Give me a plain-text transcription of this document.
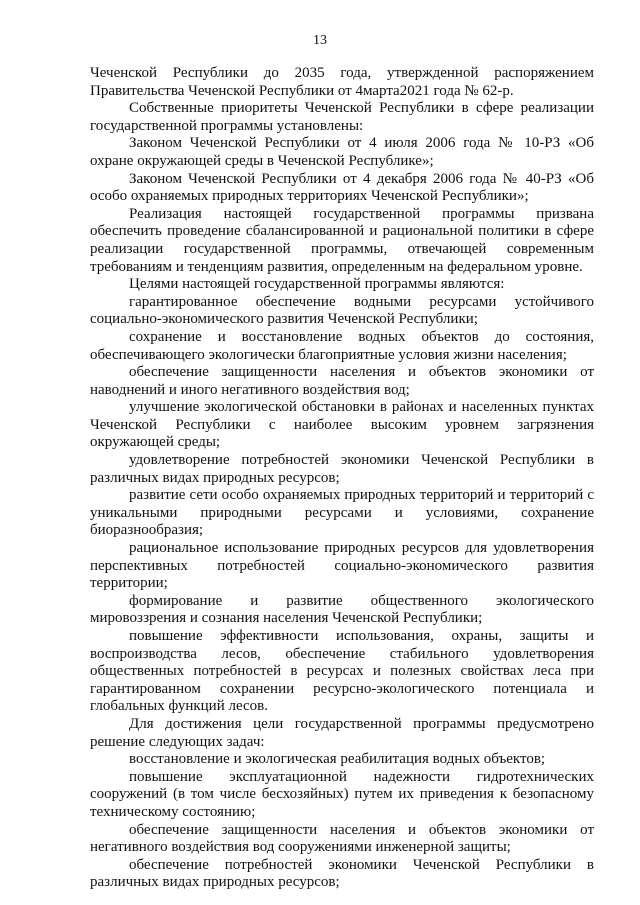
13

Чеченской Республики до 2035 года, утвержденной распоряжением Правительства Чеченской Республики от 4марта2021 года № 62-р.

Собственные приоритеты Чеченской Республики в сфере реализации государственной программы установлены:

Законом Чеченской Республики от 4 июля 2006 года № 10-РЗ «Об охране окружающей среды в Чеченской Республике»;

Законом Чеченской Республики от 4 декабря 2006 года № 40-РЗ «Об особо охраняемых природных территориях Чеченской Республики»;

Реализация настоящей государственной программы призвана обеспечить проведение сбалансированной и рациональной политики в сфере реализации государственной программы, отвечающей современным требованиям и тенденциям развития, определенным на федеральном уровне.

Целями настоящей государственной программы являются:

гарантированное обеспечение водными ресурсами устойчивого социально-экономического развития Чеченской Республики;

сохранение и восстановление водных объектов до состояния, обеспечивающего экологически благоприятные условия жизни населения;

обеспечение защищенности населения и объектов экономики от наводнений и иного негативного воздействия вод;

улучшение экологической обстановки в районах и населенных пунктах Чеченской Республики с наиболее высоким уровнем загрязнения окружающей среды;

удовлетворение потребностей экономики Чеченской Республики в различных видах природных ресурсов;

развитие сети особо охраняемых природных территорий и территорий с уникальными природными ресурсами и условиями, сохранение биоразнообразия;

рациональное использование природных ресурсов для удовлетворения перспективных потребностей социально-экономического развития территории;

формирование и развитие общественного экологического мировоззрения и сознания населения Чеченской Республики;

повышение эффективности использования, охраны, защиты и воспроизводства лесов, обеспечение стабильного удовлетворения общественных потребностей в ресурсах и полезных свойствах леса при гарантированном сохранении ресурсно-экологического потенциала и глобальных функций лесов.

Для достижения цели государственной программы предусмотрено решение следующих задач:

восстановление и экологическая реабилитация водных объектов;

повышение эксплуатационной надежности гидротехнических сооружений (в том числе бесхозяйных) путем их приведения к безопасному техническому состоянию;

обеспечение защищенности населения и объектов экономики от негативного воздействия вод сооружениями инженерной защиты;

обеспечение потребностей экономики Чеченской Республики в различных видах природных ресурсов;
